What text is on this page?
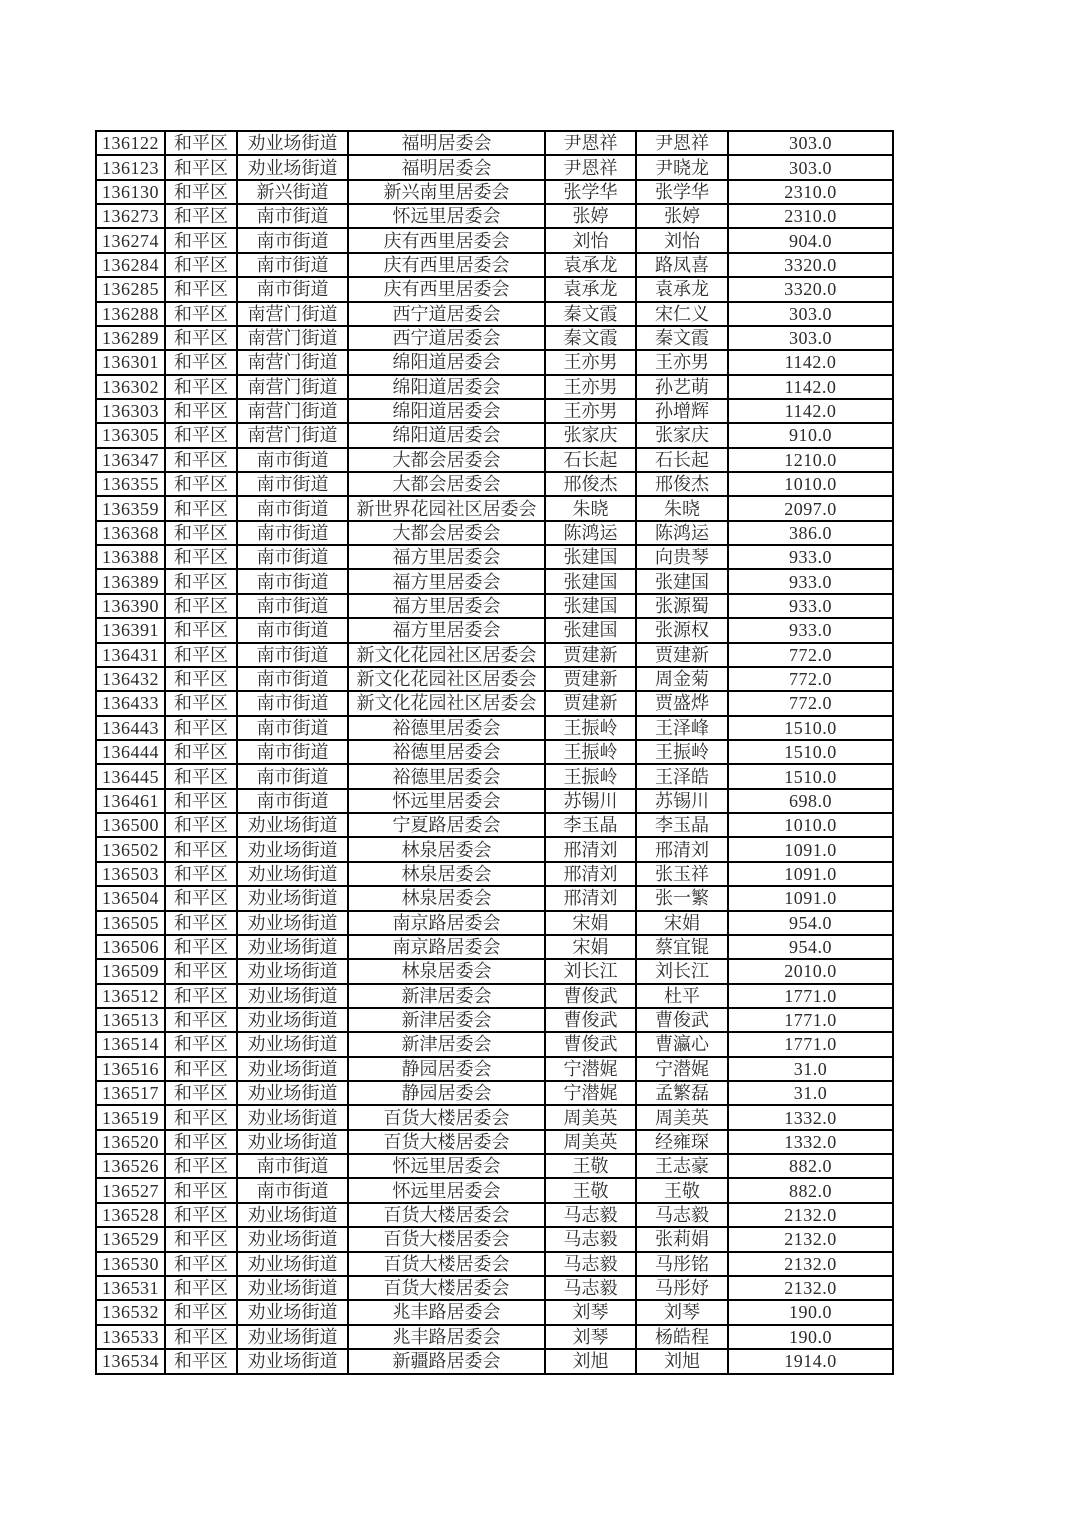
136122	和平区	劝业场街道	福明居委会	尹恩祥	尹恩祥	303.0
136123	和平区	劝业场街道	福明居委会	尹恩祥	尹晓龙	303.0
136130	和平区	新兴街道	新兴南里居委会	张学华	张学华	2310.0
136273	和平区	南市街道	怀远里居委会	张婷	张婷	2310.0
136274	和平区	南市街道	庆有西里居委会	刘怡	刘怡	904.0
136284	和平区	南市街道	庆有西里居委会	袁承龙	路凤喜	3320.0
136285	和平区	南市街道	庆有西里居委会	袁承龙	袁承龙	3320.0
136288	和平区	南营门街道	西宁道居委会	秦文霞	宋仁义	303.0
136289	和平区	南营门街道	西宁道居委会	秦文霞	秦文霞	303.0
136301	和平区	南营门街道	绵阳道居委会	王亦男	王亦男	1142.0
136302	和平区	南营门街道	绵阳道居委会	王亦男	孙艺萌	1142.0
136303	和平区	南营门街道	绵阳道居委会	王亦男	孙增辉	1142.0
136305	和平区	南营门街道	绵阳道居委会	张家庆	张家庆	910.0
136347	和平区	南市街道	大都会居委会	石长起	石长起	1210.0
136355	和平区	南市街道	大都会居委会	邢俊杰	邢俊杰	1010.0
136359	和平区	南市街道	新世界花园社区居委会	朱晓	朱晓	2097.0
136368	和平区	南市街道	大都会居委会	陈鸿运	陈鸿运	386.0
136388	和平区	南市街道	福方里居委会	张建国	向贵琴	933.0
136389	和平区	南市街道	福方里居委会	张建国	张建国	933.0
136390	和平区	南市街道	福方里居委会	张建国	张源蜀	933.0
136391	和平区	南市街道	福方里居委会	张建国	张源权	933.0
136431	和平区	南市街道	新文化花园社区居委会	贾建新	贾建新	772.0
136432	和平区	南市街道	新文化花园社区居委会	贾建新	周金菊	772.0
136433	和平区	南市街道	新文化花园社区居委会	贾建新	贾盛烨	772.0
136443	和平区	南市街道	裕德里居委会	王振岭	王泽峰	1510.0
136444	和平区	南市街道	裕德里居委会	王振岭	王振岭	1510.0
136445	和平区	南市街道	裕德里居委会	王振岭	王泽皓	1510.0
136461	和平区	南市街道	怀远里居委会	苏锡川	苏锡川	698.0
136500	和平区	劝业场街道	宁夏路居委会	李玉晶	李玉晶	1010.0
136502	和平区	劝业场街道	林泉居委会	邢清刘	邢清刘	1091.0
136503	和平区	劝业场街道	林泉居委会	邢清刘	张玉祥	1091.0
136504	和平区	劝业场街道	林泉居委会	邢清刘	张一繁	1091.0
136505	和平区	劝业场街道	南京路居委会	宋娟	宋娟	954.0
136506	和平区	劝业场街道	南京路居委会	宋娟	蔡宜锟	954.0
136509	和平区	劝业场街道	林泉居委会	刘长江	刘长江	2010.0
136512	和平区	劝业场街道	新津居委会	曹俊武	杜平	1771.0
136513	和平区	劝业场街道	新津居委会	曹俊武	曹俊武	1771.0
136514	和平区	劝业场街道	新津居委会	曹俊武	曹瀛心	1771.0
136516	和平区	劝业场街道	静园居委会	宁潜娓	宁潜娓	31.0
136517	和平区	劝业场街道	静园居委会	宁潜娓	孟繁磊	31.0
136519	和平区	劝业场街道	百货大楼居委会	周美英	周美英	1332.0
136520	和平区	劝业场街道	百货大楼居委会	周美英	经雍琛	1332.0
136526	和平区	南市街道	怀远里居委会	王敬	王志豪	882.0
136527	和平区	南市街道	怀远里居委会	王敬	王敬	882.0
136528	和平区	劝业场街道	百货大楼居委会	马志毅	马志毅	2132.0
136529	和平区	劝业场街道	百货大楼居委会	马志毅	张莉娟	2132.0
136530	和平区	劝业场街道	百货大楼居委会	马志毅	马彤铭	2132.0
136531	和平区	劝业场街道	百货大楼居委会	马志毅	马彤妤	2132.0
136532	和平区	劝业场街道	兆丰路居委会	刘琴	刘琴	190.0
136533	和平区	劝业场街道	兆丰路居委会	刘琴	杨皓程	190.0
136534	和平区	劝业场街道	新疆路居委会	刘旭	刘旭	1914.0
